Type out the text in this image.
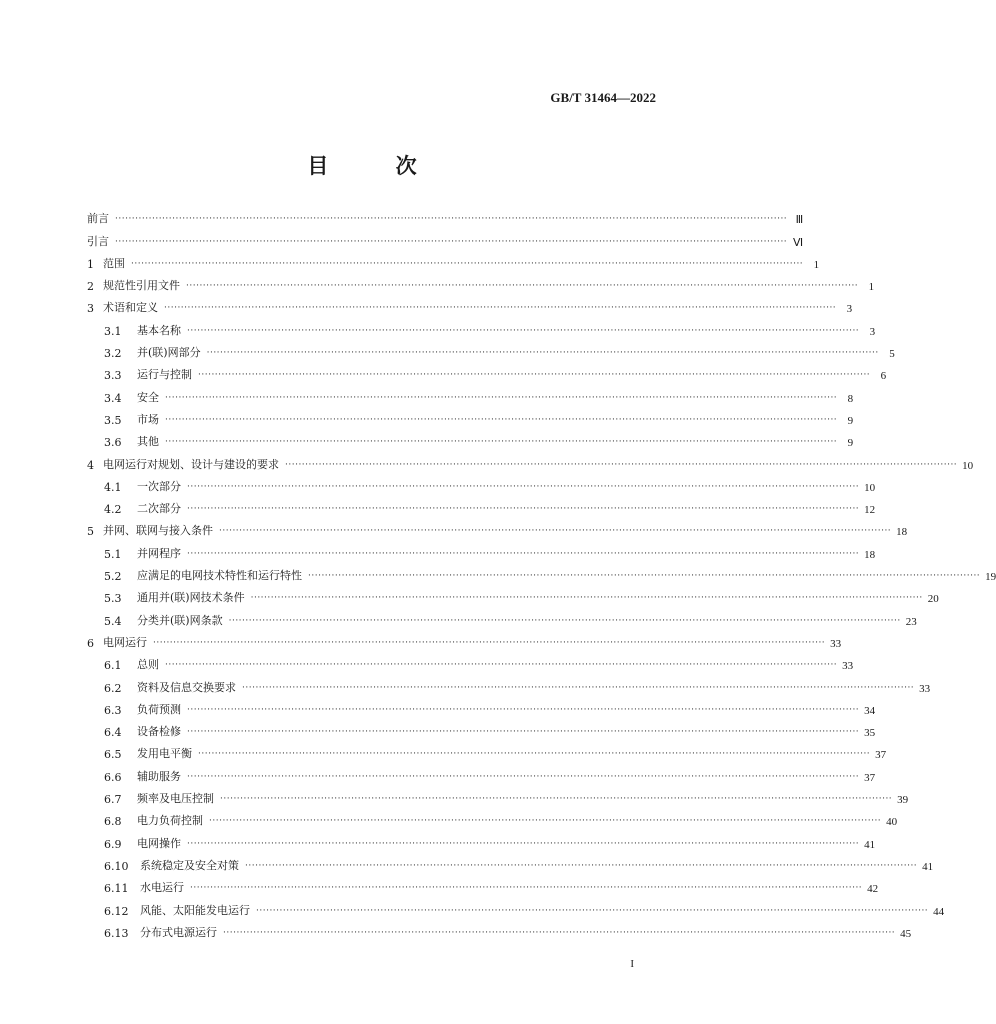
GB/T 31464—2022
目 次
前言 ········································································································································································································ Ⅲ
引言 ········································································································································································································ Ⅵ
1 范围 ········································································································································································································ 1
2 规范性引用文件 ········································································································································································································ 1
3 术语和定义 ········································································································································································································ 3
3.1	基本名称 ········································································································································································································ 3
3.2	并(联)网部分 ········································································································································································································ 5
3.3	运行与控制 ········································································································································································································ 6
3.4	安全 ········································································································································································································ 8
3.5	市场 ········································································································································································································ 9
3.6	其他 ········································································································································································································ 9
4 电网运行对规划、设计与建设的要求 ········································································································································································································ 10
4.1	一次部分 ········································································································································································································ 10
4.2	二次部分 ········································································································································································································ 12
5 并网、联网与接入条件 ········································································································································································································ 18
5.1	并网程序 ········································································································································································································ 18
5.2	应满足的电网技术特性和运行特性 ········································································································································································································ 19
5.3	通用并(联)网技术条件 ········································································································································································································ 20
5.4	分类并(联)网条款 ········································································································································································································ 23
6 电网运行 ········································································································································································································ 33
6.1	总则 ········································································································································································································ 33
6.2	资料及信息交换要求 ········································································································································································································ 33
6.3	负荷预测 ········································································································································································································ 34
6.4	设备检修 ········································································································································································································ 35
6.5	发用电平衡 ········································································································································································································ 37
6.6	辅助服务 ········································································································································································································ 37
6.7	频率及电压控制 ········································································································································································································ 39
6.8	电力负荷控制 ········································································································································································································ 40
6.9	电网操作 ········································································································································································································ 41
6.10	系统稳定及安全对策 ········································································································································································································ 41
6.11	水电运行 ········································································································································································································ 42
6.12	风能、太阳能发电运行 ········································································································································································································ 44
6.13	分布式电源运行 ········································································································································································································ 45
I
